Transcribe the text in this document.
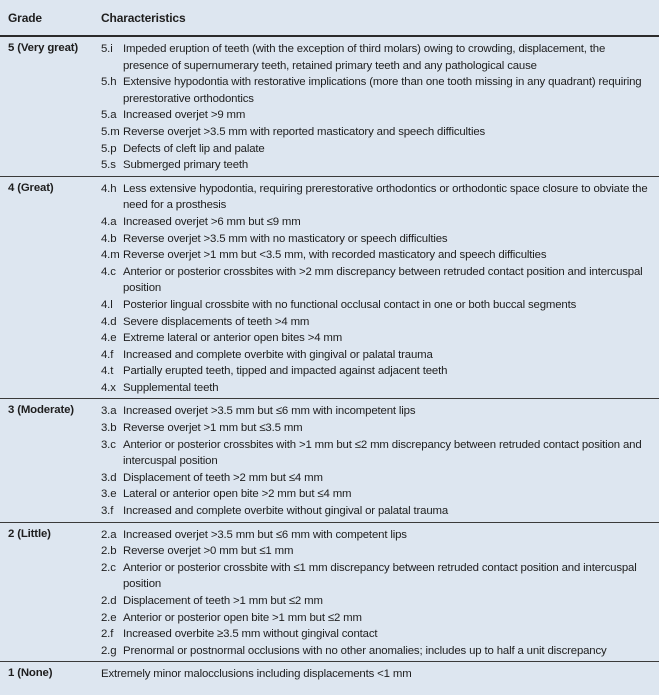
Grade	Characteristics
5 (Very great)	5.i Impeded eruption of teeth (with the exception of third molars) owing to crowding, displacement, the presence of supernumerary teeth, retained primary teeth and any pathological cause
5.h Extensive hypodontia with restorative implications (more than one tooth missing in any quadrant) requiring prerestorative orthodontics
5.a Increased overjet >9 mm
5.m Reverse overjet >3.5 mm with reported masticatory and speech difficulties
5.p Defects of cleft lip and palate
5.s Submerged primary teeth
4 (Great)	4.h Less extensive hypodontia, requiring prerestorative orthodontics or orthodontic space closure to obviate the need for a prosthesis
4.a Increased overjet >6 mm but ≤9 mm
4.b Reverse overjet >3.5 mm with no masticatory or speech difficulties
4.m Reverse overjet >1 mm but <3.5 mm, with recorded masticatory and speech difficulties
4.c Anterior or posterior crossbites with >2 mm discrepancy between retruded contact position and intercuspal position
4.l Posterior lingual crossbite with no functional occlusal contact in one or both buccal segments
4.d Severe displacements of teeth >4 mm
4.e Extreme lateral or anterior open bites >4 mm
4.f Increased and complete overbite with gingival or palatal trauma
4.t Partially erupted teeth, tipped and impacted against adjacent teeth
4.x Supplemental teeth
3 (Moderate)	3.a Increased overjet >3.5 mm but ≤6 mm with incompetent lips
3.b Reverse overjet >1 mm but ≤3.5 mm
3.c Anterior or posterior crossbites with >1 mm but ≤2 mm discrepancy between retruded contact position and intercuspal position
3.d Displacement of teeth >2 mm but ≤4 mm
3.e Lateral or anterior open bite >2 mm but ≤4 mm
3.f Increased and complete overbite without gingival or palatal trauma
2 (Little)	2.a Increased overjet >3.5 mm but ≤6 mm with competent lips
2.b Reverse overjet >0 mm but ≤1 mm
2.c Anterior or posterior crossbite with ≤1 mm discrepancy between retruded contact position and intercuspal position
2.d Displacement of teeth >1 mm but ≤2 mm
2.e Anterior or posterior open bite >1 mm but ≤2 mm
2.f Increased overbite ≥3.5 mm without gingival contact
2.g Prenormal or postnormal occlusions with no other anomalies; includes up to half a unit discrepancy
1 (None)	Extremely minor malocclusions including displacements <1 mm
